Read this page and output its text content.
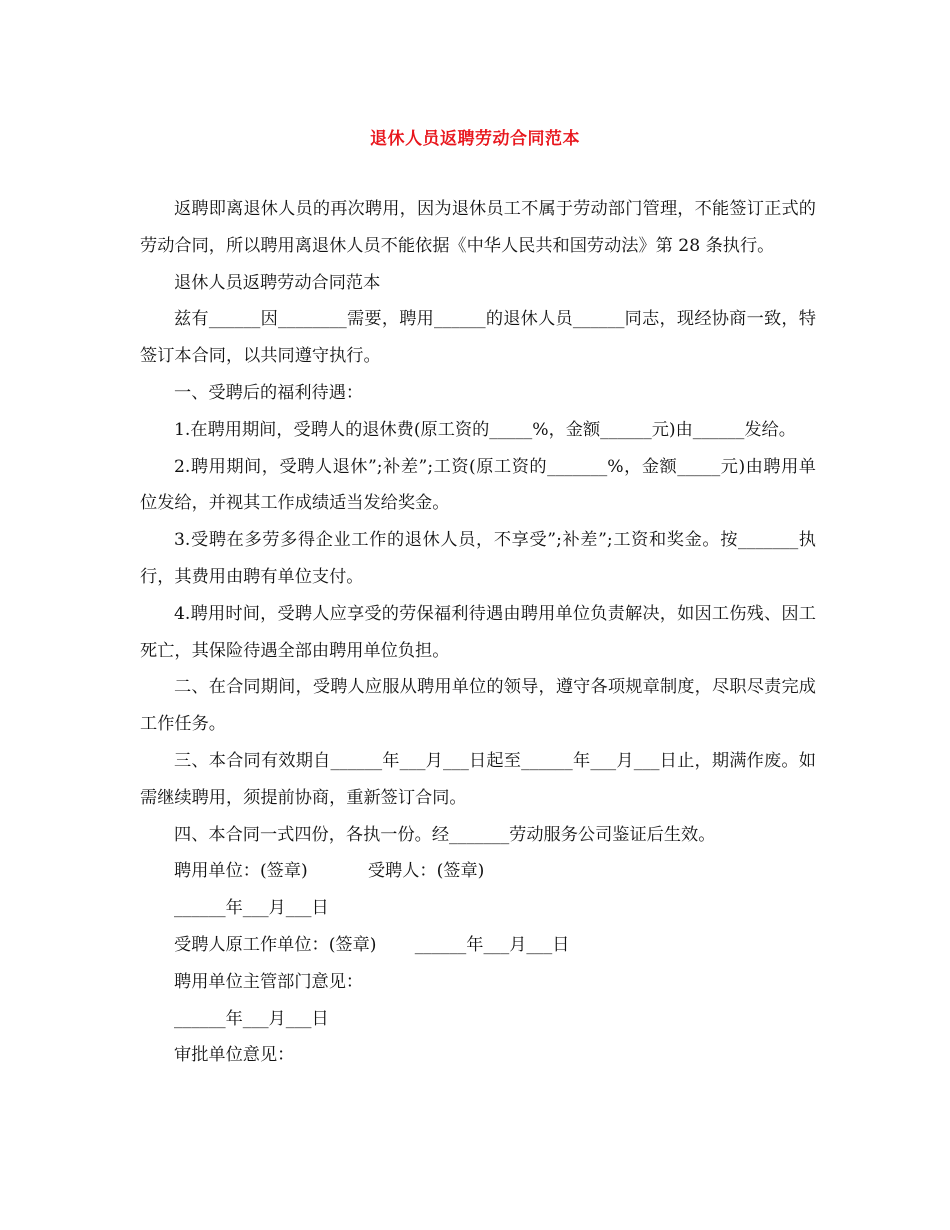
退休人员返聘劳动合同范本

返聘即离退休人员的再次聘用，因为退休员工不属于劳动部门管理，不能签订正式的劳动合同，所以聘用离退休人员不能依据《中华人民共和国劳动法》第 28 条执行。

退休人员返聘劳动合同范本

兹有______因________需要，聘用______的退休人员______同志，现经协商一致，特签订本合同，以共同遵守执行。

一、受聘后的福利待遇：

1.在聘用期间，受聘人的退休费(原工资的_____%，金额______元)由______发给。

2.聘用期间，受聘人退休”;补差”;工资(原工资的_______%，金额_____元)由聘用单位发给，并视其工作成绩适当发给奖金。

3.受聘在多劳多得企业工作的退休人员，不享受”;补差”;工资和奖金。按_______执行，其费用由聘有单位支付。

4.聘用时间，受聘人应享受的劳保福利待遇由聘用单位负责解决，如因工伤残、因工死亡，其保险待遇全部由聘用单位负担。

二、在合同期间，受聘人应服从聘用单位的领导，遵守各项规章制度，尽职尽责完成工作任务。

三、本合同有效期自______年___月___日起至______年___月___日止，期满作废。如需继续聘用，须提前协商，重新签订合同。

四、本合同一式四份，各执一份。经_______劳动服务公司鉴证后生效。

聘用单位：(签章)           受聘人：(签章)

______年___月___日

受聘人原工作单位：(签章)       ______年___月___日

聘用单位主管部门意见：

______年___月___日

审批单位意见：
